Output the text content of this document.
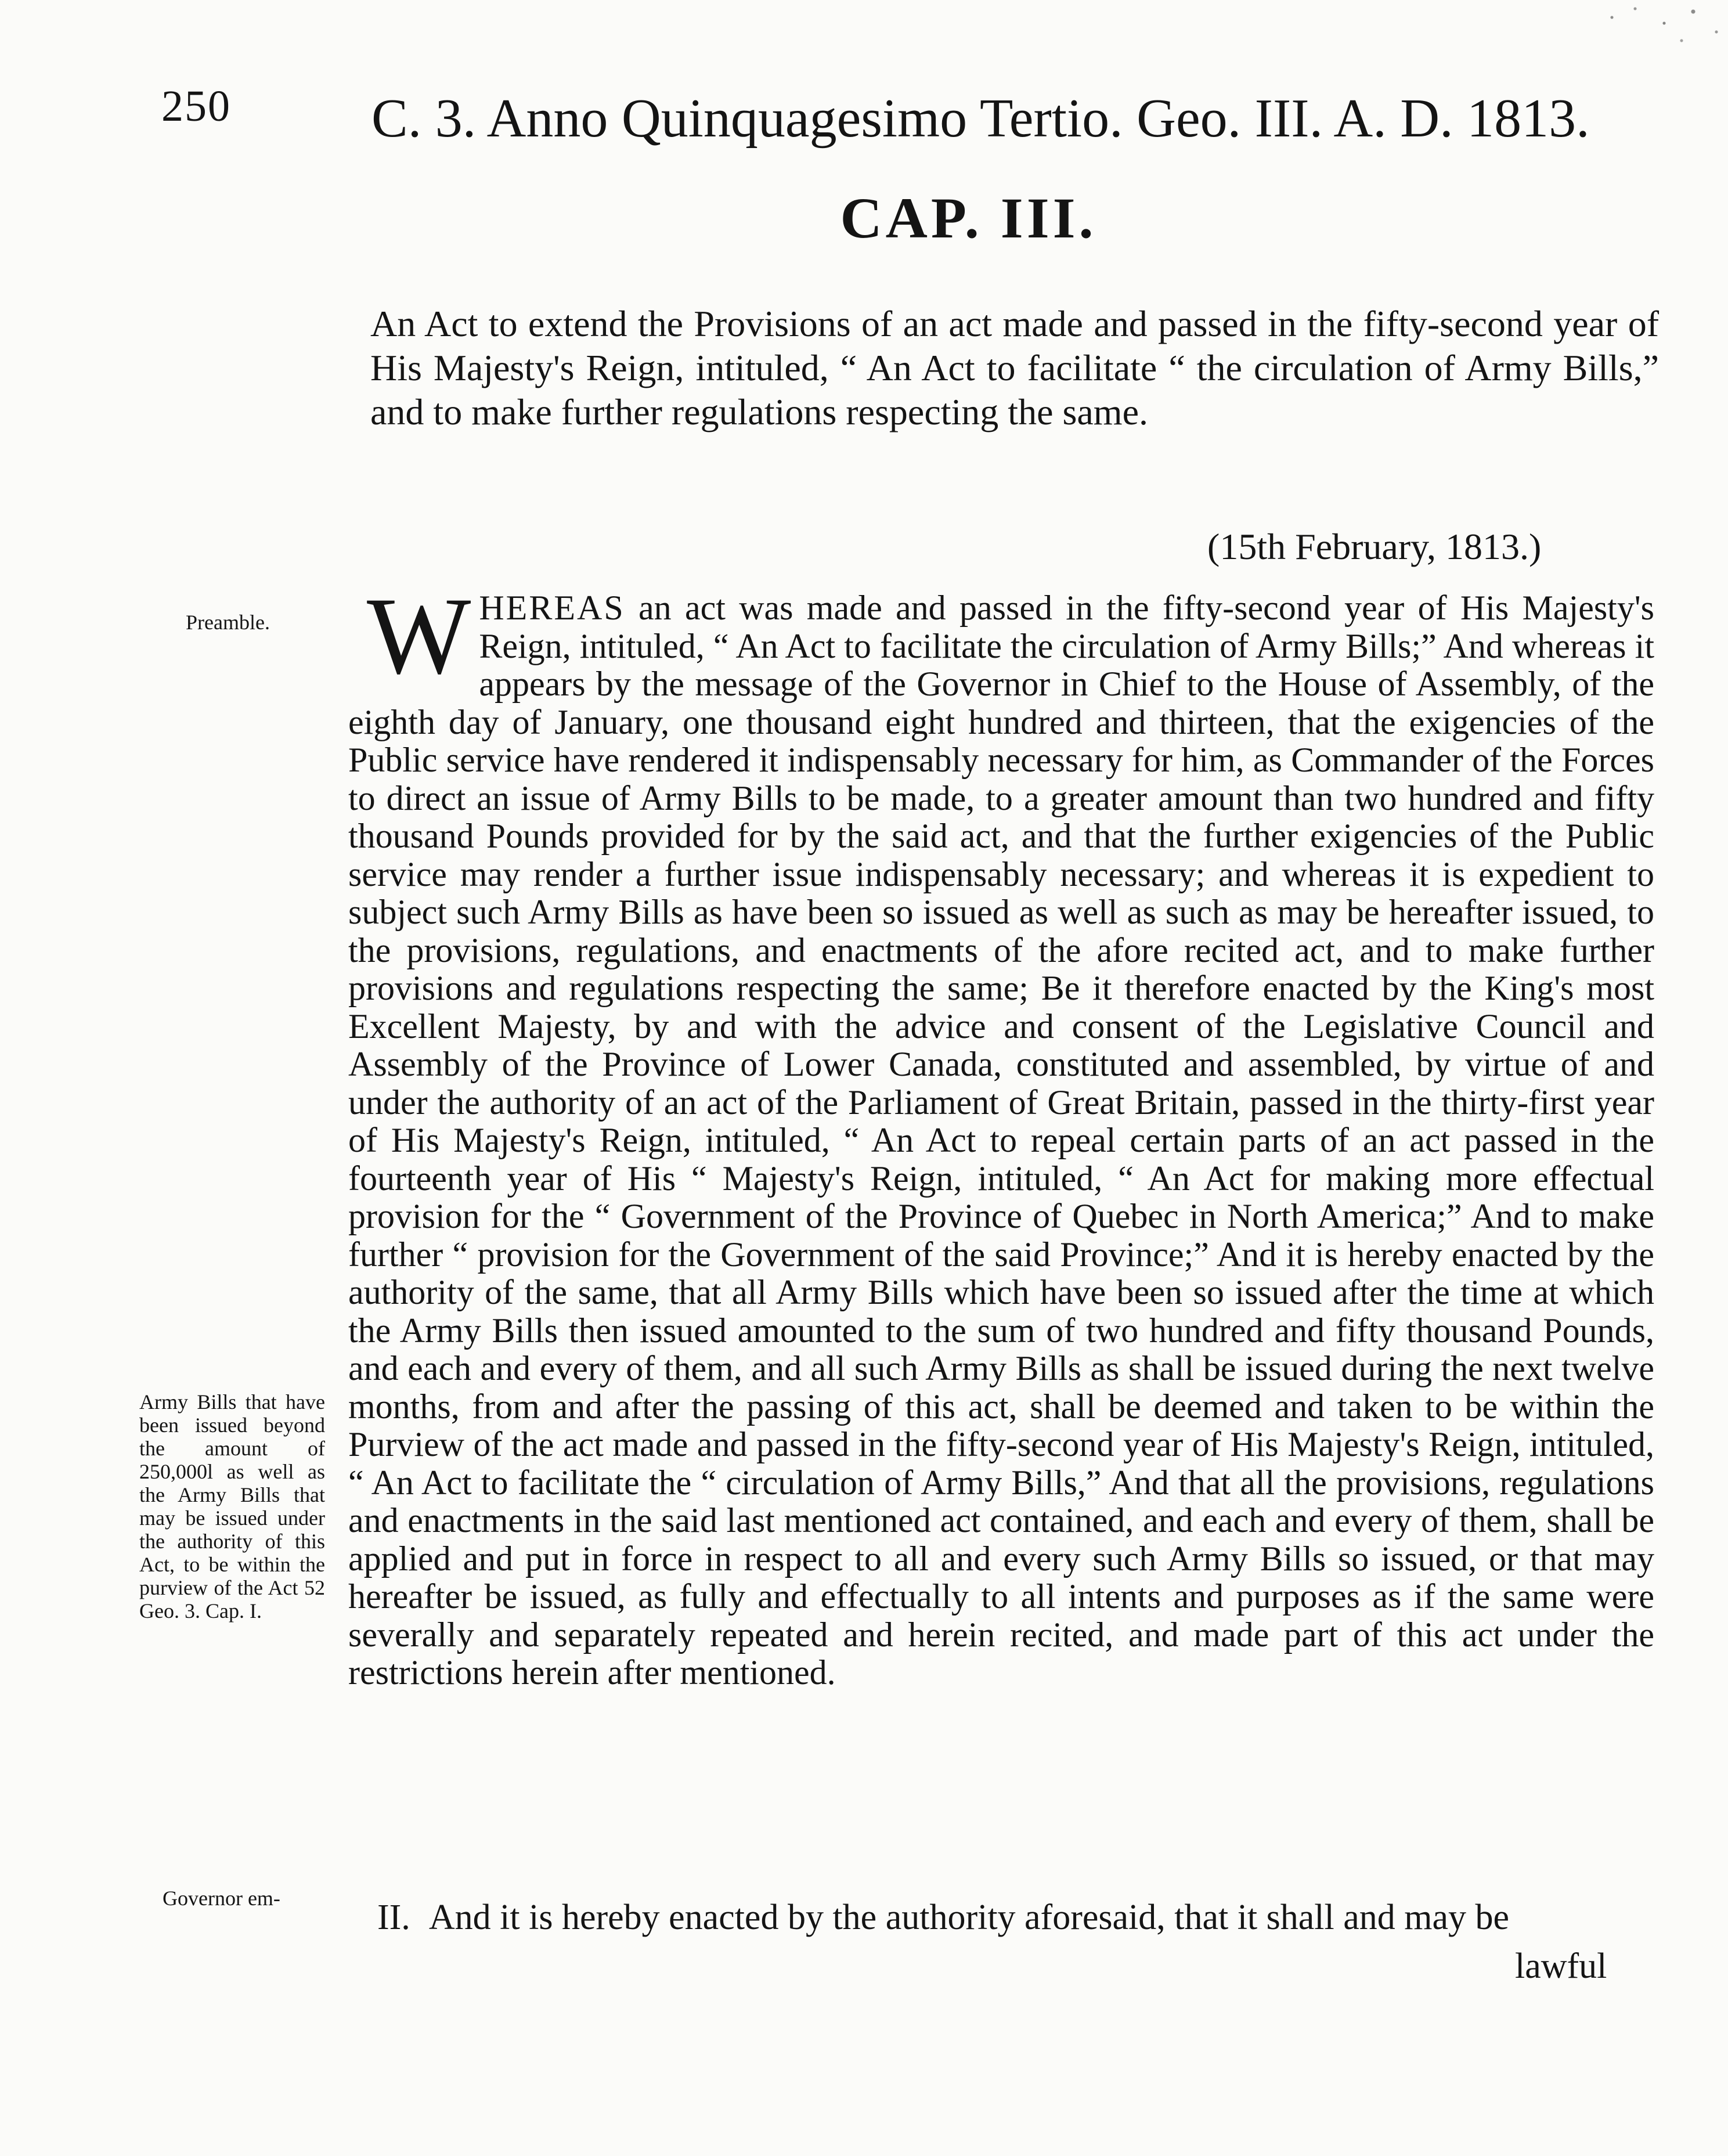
250	C. 3. Anno Quinquagesimo Tertio. Geo. III. A. D. 1813.
CAP. III.

An Act to extend the Provisions of an act made and passed in the fifty-second year of His Majesty's Reign, intituled, “ An Act to facilitate “ the circulation of Army Bills,” and to make further regulations respecting the same.

(15th February, 1813.)
Preamble.
Army Bills that have been issued beyond the amount of 250,000l as well as the Army Bills that may be issued under the authority of this Act, to be within the purview of the Act 52 Geo. 3. Cap. I.
Governor em-
W HEREAS an act was made and passed in the fifty-second year of His Majesty's Reign, intituled, “ An Act to facilitate the circulation of Army Bills;” And whereas it appears by the message of the Governor in Chief to the House of Assembly, of the eighth day of January, one thousand eight hundred and thirteen, that the exigencies of the Public service have rendered it indispensably necessary for him, as Commander of the Forces to direct an issue of Army Bills to be made, to a greater amount than two hundred and fifty thousand Pounds provided for by the said act, and that the further exigencies of the Public service may render a further issue indispensably necessary; and whereas it is expedient to subject such Army Bills as have been so issued as well as such as may be hereafter issued, to the provisions, regulations, and enactments of the afore recited act, and to make further provisions and regulations respecting the same; Be it therefore enacted by the King's most Excellent Majesty, by and with the advice and consent of the Legislative Council and Assembly of the Province of Lower Canada, constituted and assembled, by virtue of and under the authority of an act of the Parliament of Great Britain, passed in the thirty-first year of His Majesty's Reign, intituled, “ An Act to repeal certain parts of an act passed in the fourteenth year of His “ Majesty's Reign, intituled, “ An Act for making more effectual provision for the “ Government of the Province of Quebec in North America;” And to make further “ provision for the Government of the said Province;” And it is hereby enacted by the authority of the same, that all Army Bills which have been so issued after the time at which the Army Bills then issued amounted to the sum of two hundred and fifty thousand Pounds, and each and every of them, and all such Army Bills as shall be issued during the next twelve months, from and after the passing of this act, shall be deemed and taken to be within the Purview of the act made and passed in the fifty-second year of His Majesty's Reign, intituled, “ An Act to facilitate the “ circulation of Army Bills,” And that all the provisions, regulations and enactments in the said last mentioned act contained, and each and every of them, shall be applied and put in force in respect to all and every such Army Bills so issued, or that may hereafter be issued, as fully and effectually to all intents and purposes as if the same were severally and separately repeated and herein recited, and made part of this act under the restrictions herein after mentioned.

II. And it is hereby enacted by the authority aforesaid, that it shall and may be
lawful
